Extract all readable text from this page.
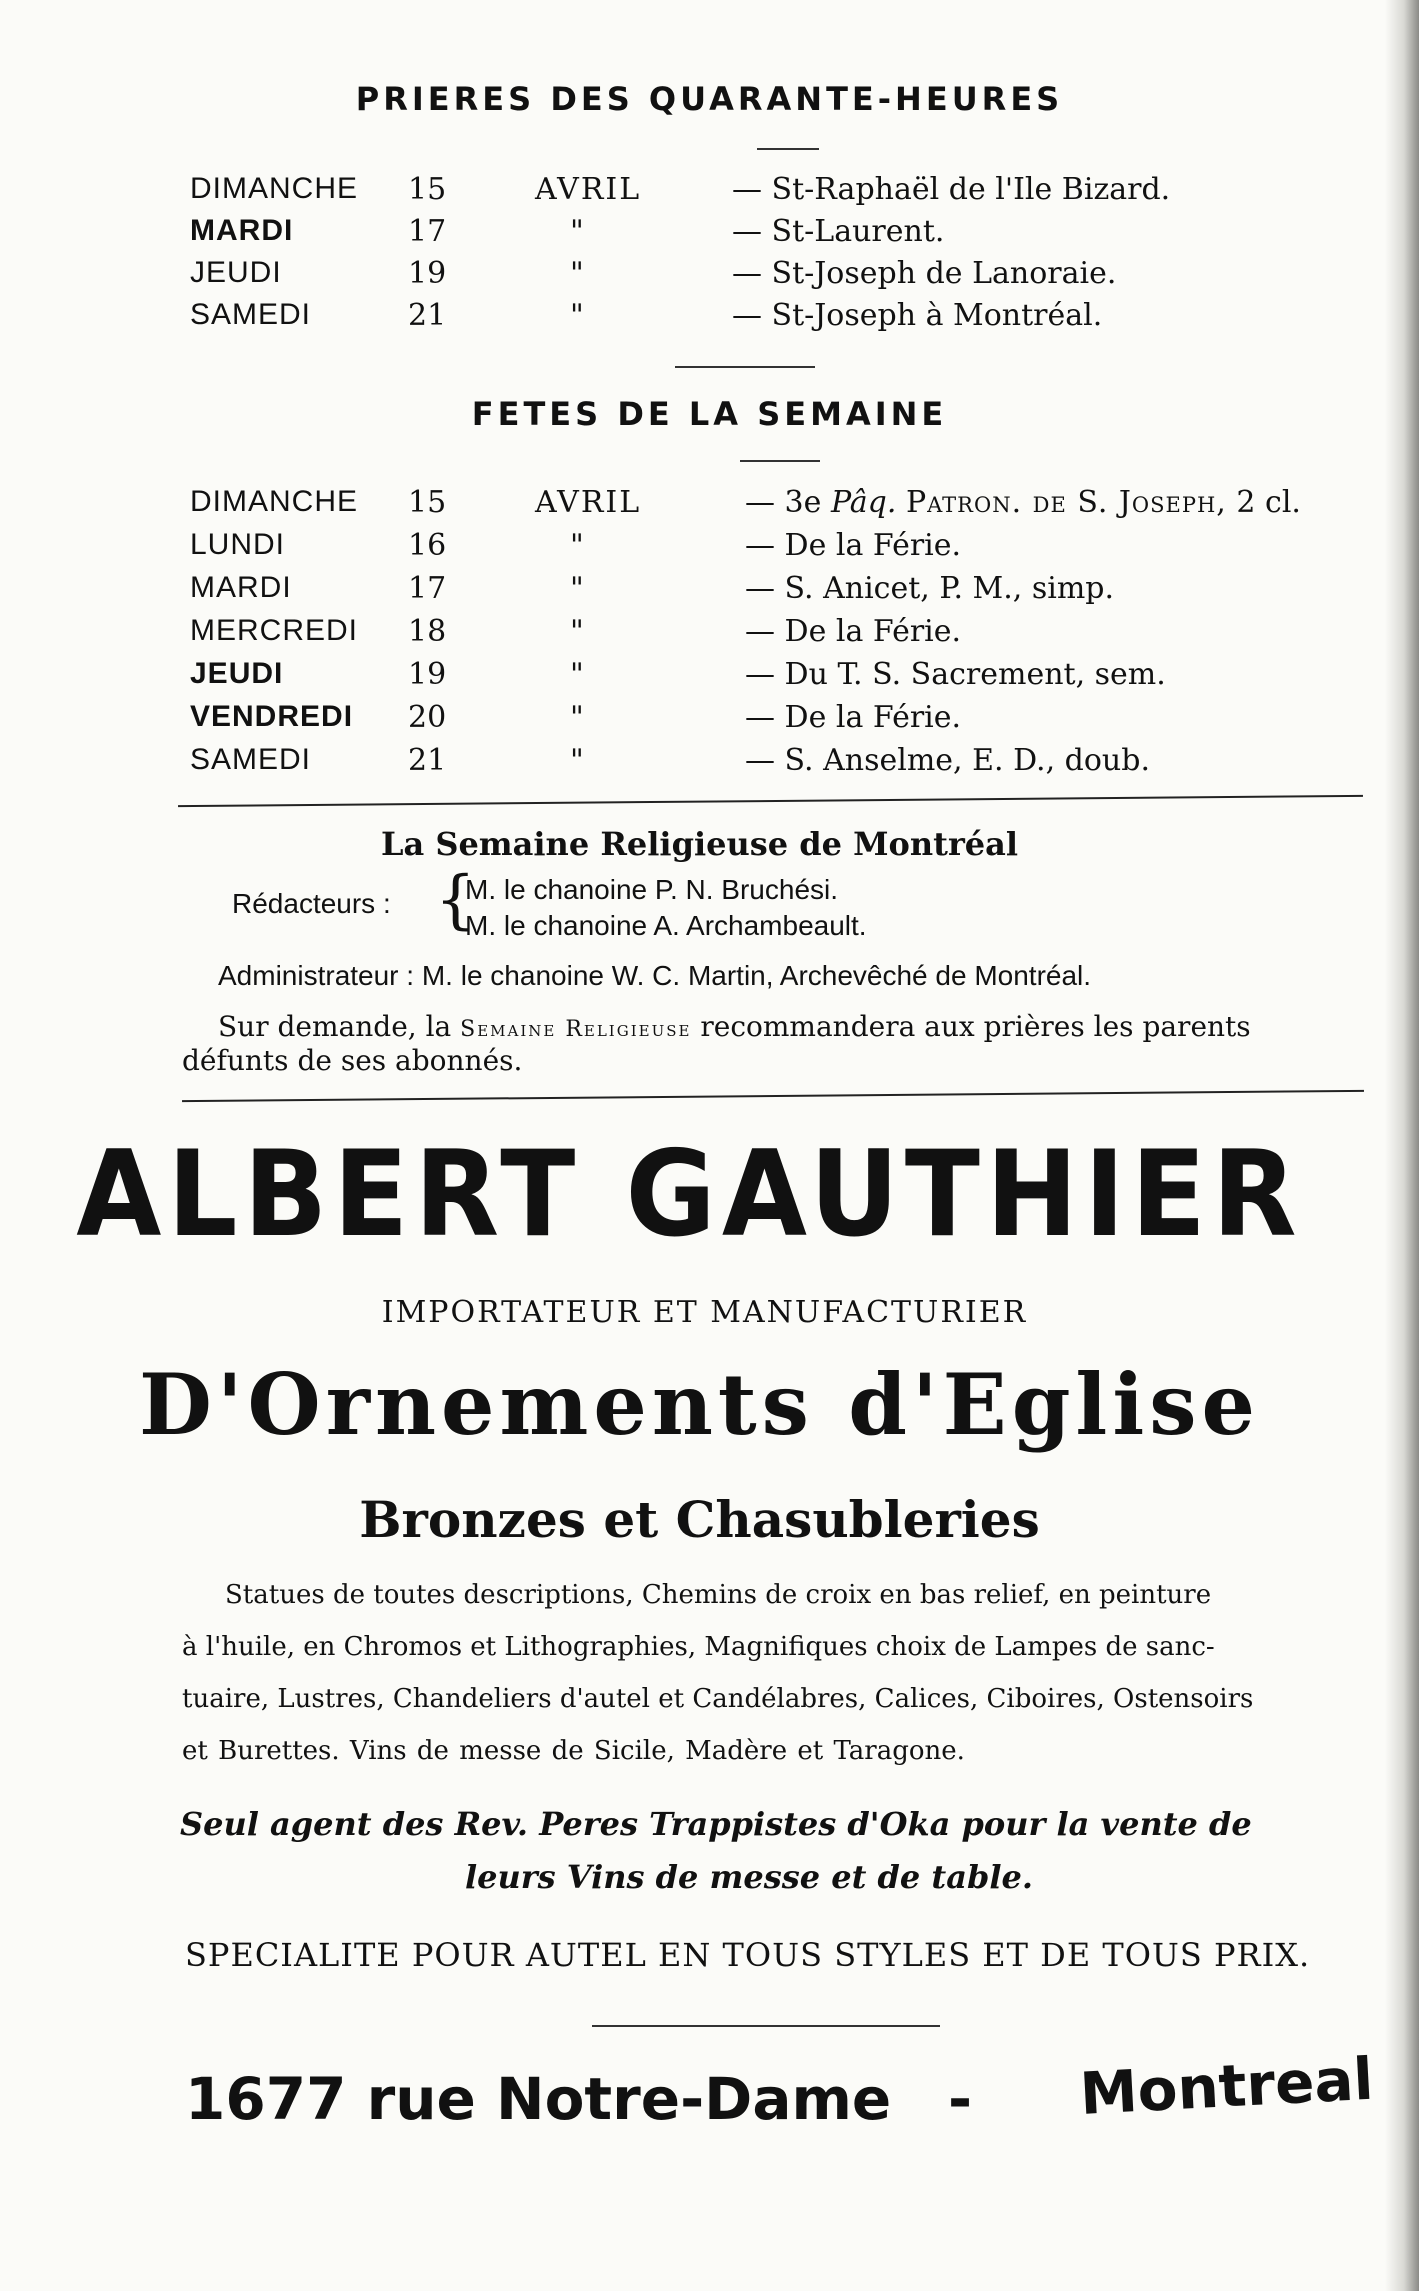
PRIERES DES QUARANTE-HEURES
DIMANCHE 15	AVRIL	— St-Raphaël de l'Ile Bizard.
MARDI	17	"	— St-Laurent.
JEUDI	19	"	— St-Joseph de Lanoraie.
SAMEDI	21	"	— St-Joseph à Montréal.
FETES DE LA SEMAINE
DIMANCHE 15	AVRIL	— 3e Pâq. Patron. de S. Joseph, 2 cl.
LUNDI	16	"	— De la Férie.
MARDI	17	"	— S. Anicet, P. M., simp.
MERCREDI 18	"	— De la Férie.
JEUDI	19	"	— Du T. S. Sacrement, sem.
VENDREDI 20	"	— De la Férie.
SAMEDI	21	"	— S. Anselme, E. D., doub.
La Semaine Religieuse de Montréal
Rédacteurs : {
M. le chanoine P. N. Bruchési.
M. le chanoine A. Archambeault.
Administrateur : M. le chanoine W. C. Martin, Archevêché de Montréal.
Sur demande, la Semaine Religieuse recommandera aux prières les parents
défunts de ses abonnés.
ALBERT GAUTHIER
IMPORTATEUR ET MANUFACTURIER
D'Ornements d'Eglise
Bronzes et Chasubleries
Statues de toutes descriptions, Chemins de croix en bas relief, en peinture
à l'huile, en Chromos et Lithographies, Magnifiques choix de Lampes de sanc-
tuaire, Lustres, Chandeliers d'autel et Candélabres, Calices, Ciboires, Ostensoirs
et Burettes. Vins de messe de Sicile, Madère et Taragone.
Seul agent des Rev. Peres Trappistes d'Oka pour la vente de
leurs Vins de messe et de table.
SPECIALITE POUR AUTEL EN TOUS STYLES ET DE TOUS PRIX.
1677 rue Notre-Dame - Montreal
